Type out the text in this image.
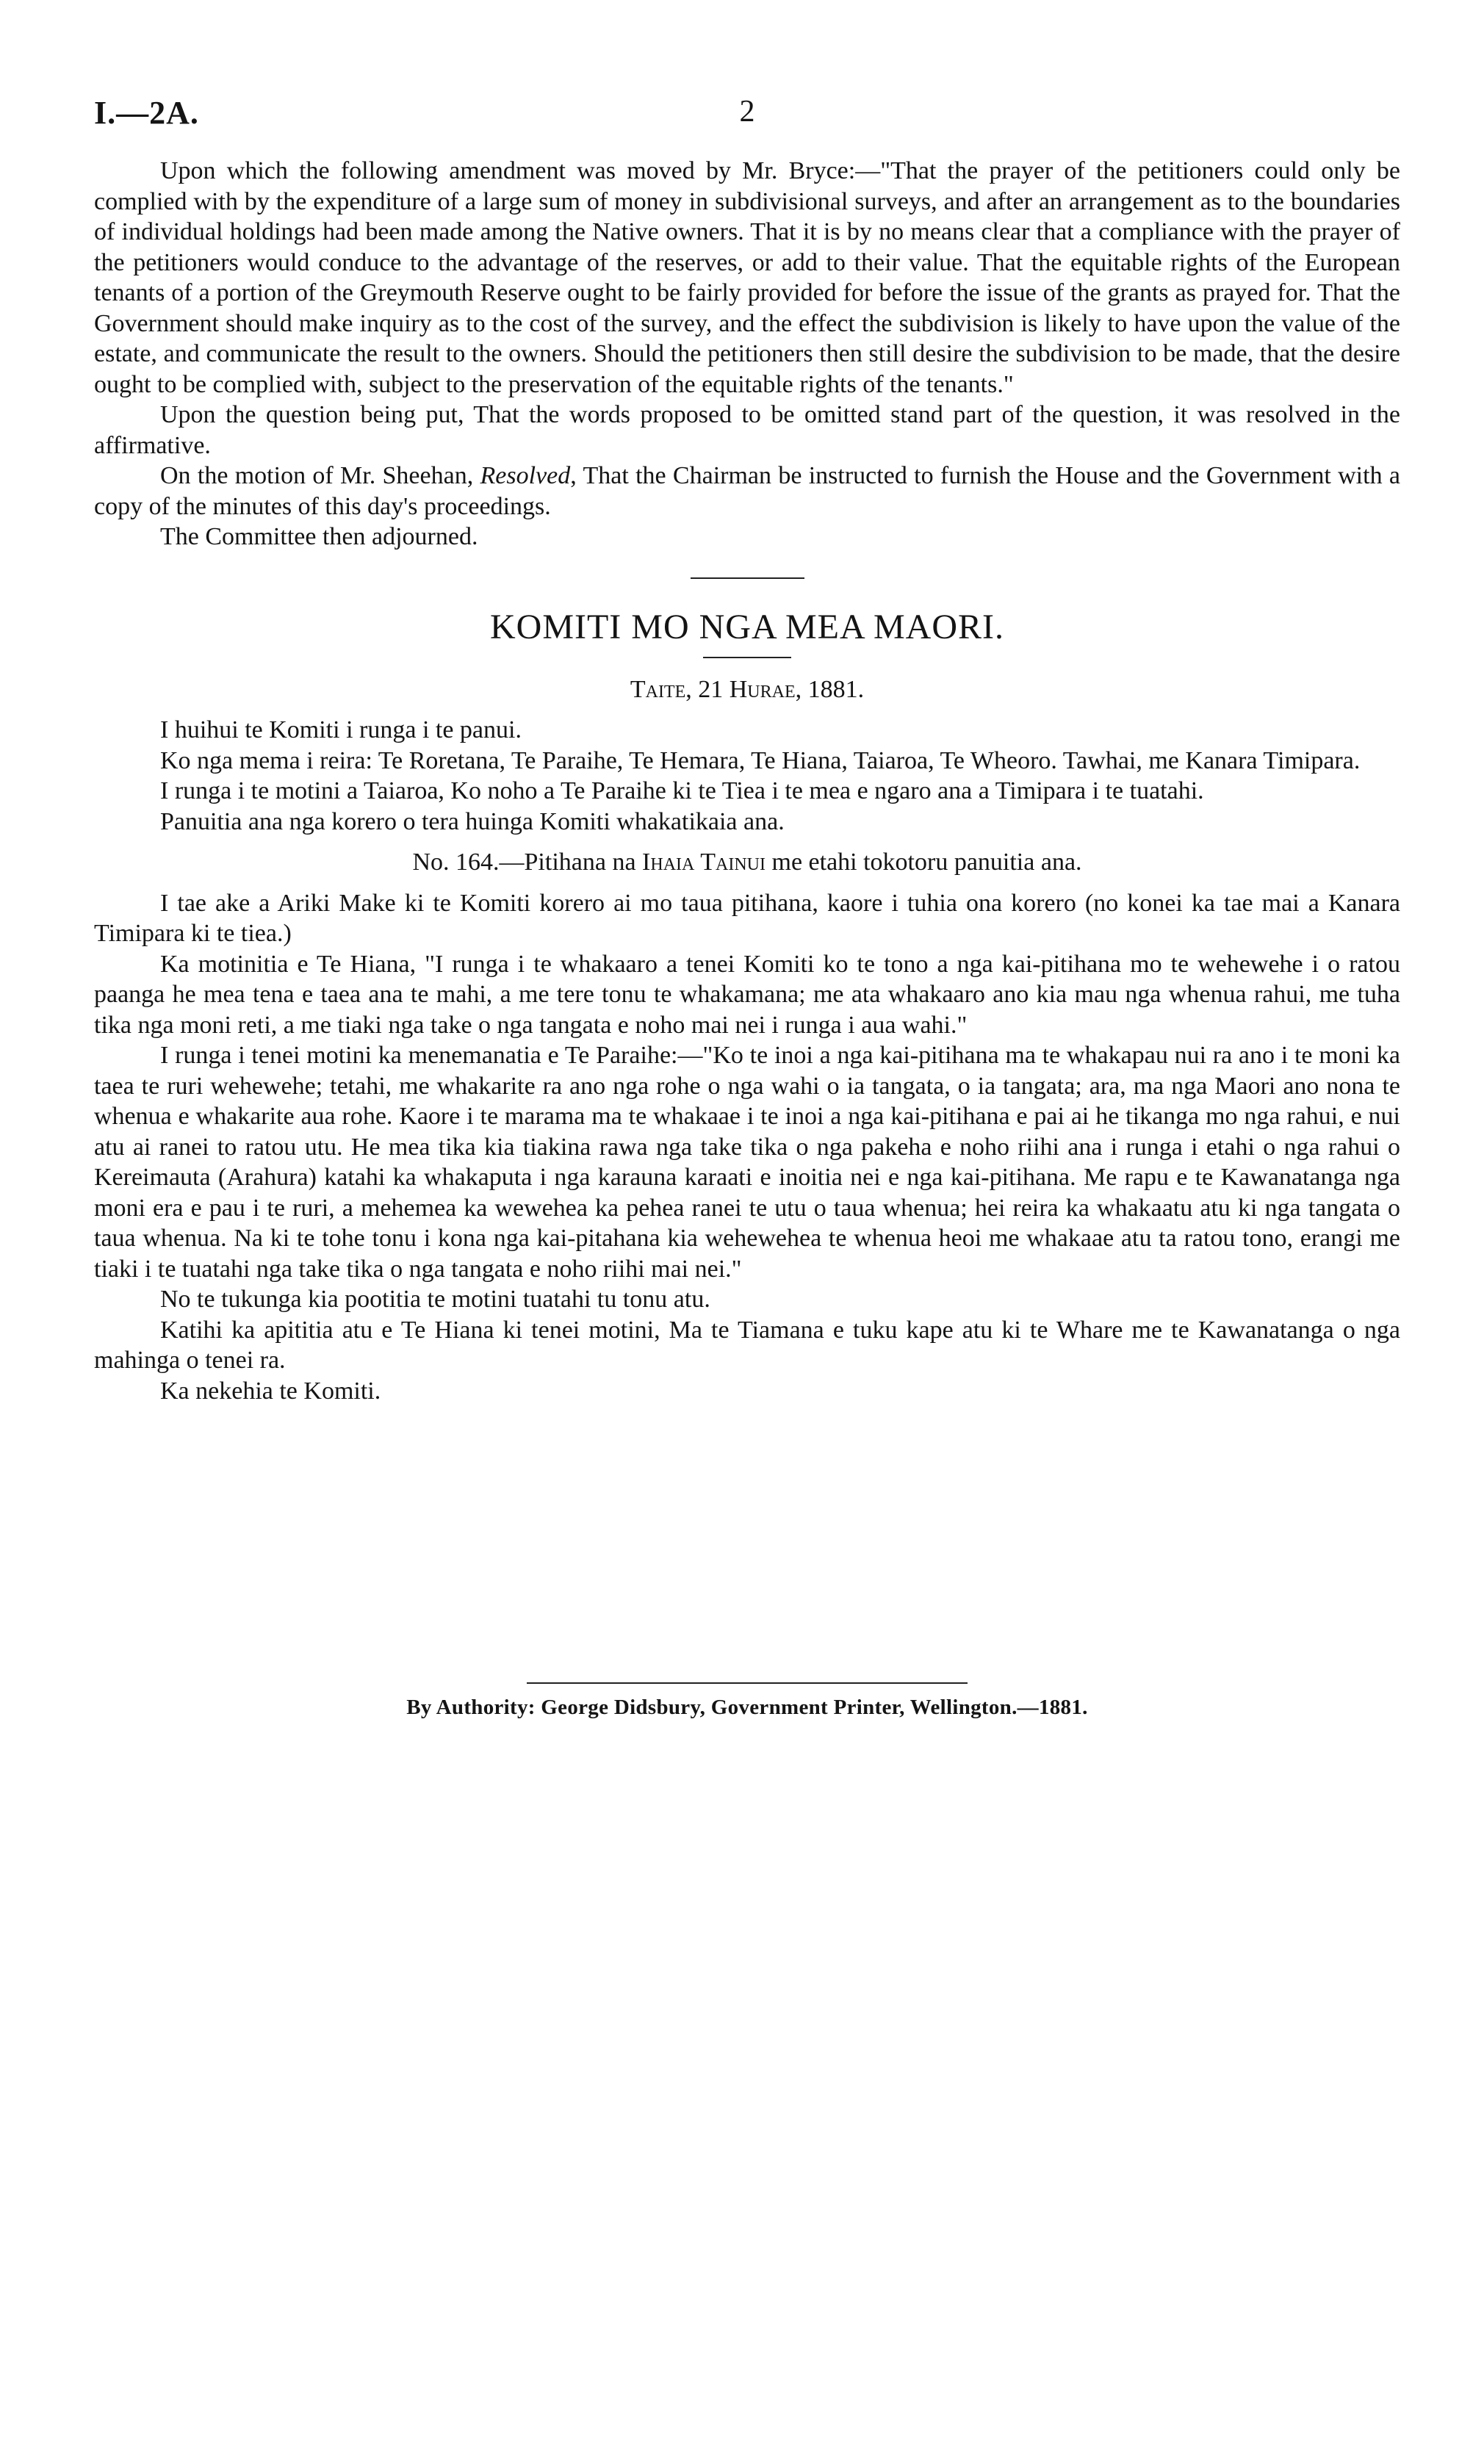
I.—2A.	2

Upon which the following amendment was moved by Mr. Bryce:—"That the prayer of the petitioners could only be complied with by the expenditure of a large sum of money in subdivisional surveys, and after an arrangement as to the boundaries of individual holdings had been made among the Native owners. That it is by no means clear that a compliance with the prayer of the petitioners would conduce to the advantage of the reserves, or add to their value. That the equitable rights of the European tenants of a portion of the Greymouth Reserve ought to be fairly provided for before the issue of the grants as prayed for. That the Government should make inquiry as to the cost of the survey, and the effect the subdivision is likely to have upon the value of the estate, and communicate the result to the owners. Should the petitioners then still desire the subdivision to be made, that the desire ought to be complied with, subject to the preservation of the equitable rights of the tenants."

Upon the question being put, That the words proposed to be omitted stand part of the question, it was resolved in the affirmative.

On the motion of Mr. Sheehan, Resolved, That the Chairman be instructed to furnish the House and the Government with a copy of the minutes of this day's proceedings.

The Committee then adjourned.

KOMITI MO NGA MEA MAORI.
Taite, 21 Hurae, 1881.

I huihui te Komiti i runga i te panui.

Ko nga mema i reira: Te Roretana, Te Paraihe, Te Hemara, Te Hiana, Taiaroa, Te Wheoro. Tawhai, me Kanara Timipara.

I runga i te motini a Taiaroa, Ko noho a Te Paraihe ki te Tiea i te mea e ngaro ana a Timipara i te tuatahi.

Panuitia ana nga korero o tera huinga Komiti whakatikaia ana.

No. 164.—Pitihana na Ihaia Tainui me etahi tokotoru panuitia ana.

I tae ake a Ariki Make ki te Komiti korero ai mo taua pitihana, kaore i tuhia ona korero (no konei ka tae mai a Kanara Timipara ki te tiea.)

Ka motinitia e Te Hiana, "I runga i te whakaaro a tenei Komiti ko te tono a nga kai-pitihana mo te wehewehe i o ratou paanga he mea tena e taea ana te mahi, a me tere tonu te whakamana; me ata whakaaro ano kia mau nga whenua rahui, me tuha tika nga moni reti, a me tiaki nga take o nga tangata e noho mai nei i runga i aua wahi."

I runga i tenei motini ka menemanatia e Te Paraihe:—"Ko te inoi a nga kai-pitihana ma te whakapau nui ra ano i te moni ka taea te ruri wehewehe; tetahi, me whakarite ra ano nga rohe o nga wahi o ia tangata, o ia tangata; ara, ma nga Maori ano nona te whenua e whakarite aua rohe. Kaore i te marama ma te whakaae i te inoi a nga kai-pitihana e pai ai he tikanga mo nga rahui, e nui atu ai ranei to ratou utu. He mea tika kia tiakina rawa nga take tika o nga pakeha e noho riihi ana i runga i etahi o nga rahui o Kereimauta (Arahura) katahi ka whakaputa i nga karauna karaati e inoitia nei e nga kai-pitihana. Me rapu e te Kawanatanga nga moni era e pau i te ruri, a mehemea ka wewehea ka pehea ranei te utu o taua whenua; hei reira ka whakaatu atu ki nga tangata o taua whenua. Na ki te tohe tonu i kona nga kai-pitahana kia wehewehea te whenua heoi me whakaae atu ta ratou tono, erangi me tiaki i te tuatahi nga take tika o nga tangata e noho riihi mai nei."

No te tukunga kia pootitia te motini tuatahi tu tonu atu.

Katihi ka apititia atu e Te Hiana ki tenei motini, Ma te Tiamana e tuku kape atu ki te Whare me te Kawanatanga o nga mahinga o tenei ra.

Ka nekehia te Komiti.

By Authority: George Didsbury, Government Printer, Wellington.—1881.
